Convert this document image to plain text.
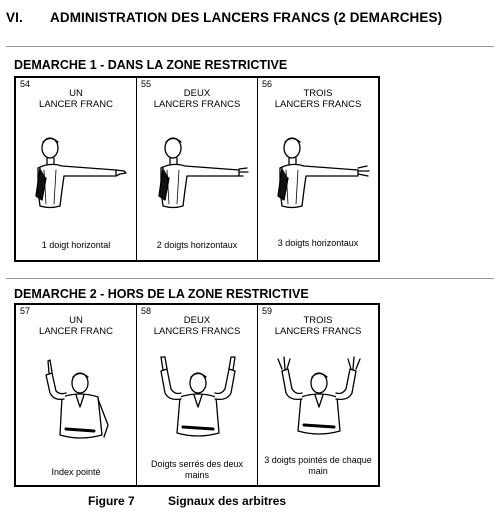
VI. ADMINISTRATION DES LANCERS FRANCS (2 DEMARCHES)
DEMARCHE 1 - DANS LA ZONE RESTRICTIVE
54
UN
LANCER FRANC
1 doigt horizontal
55
DEUX
LANCERS FRANCS
2 doigts horizontaux
56
TROIS
LANCERS FRANCS
3 doigts horizontaux
DEMARCHE 2 - HORS DE LA ZONE RESTRICTIVE
57
UN
LANCER FRANC
Index pointé
58
DEUX
LANCERS FRANCS
Doigts serrés des deux mains
59
TROIS
LANCERS FRANCS
3 doigts pointés de chaque main
Figure 7	Signaux des arbitres
